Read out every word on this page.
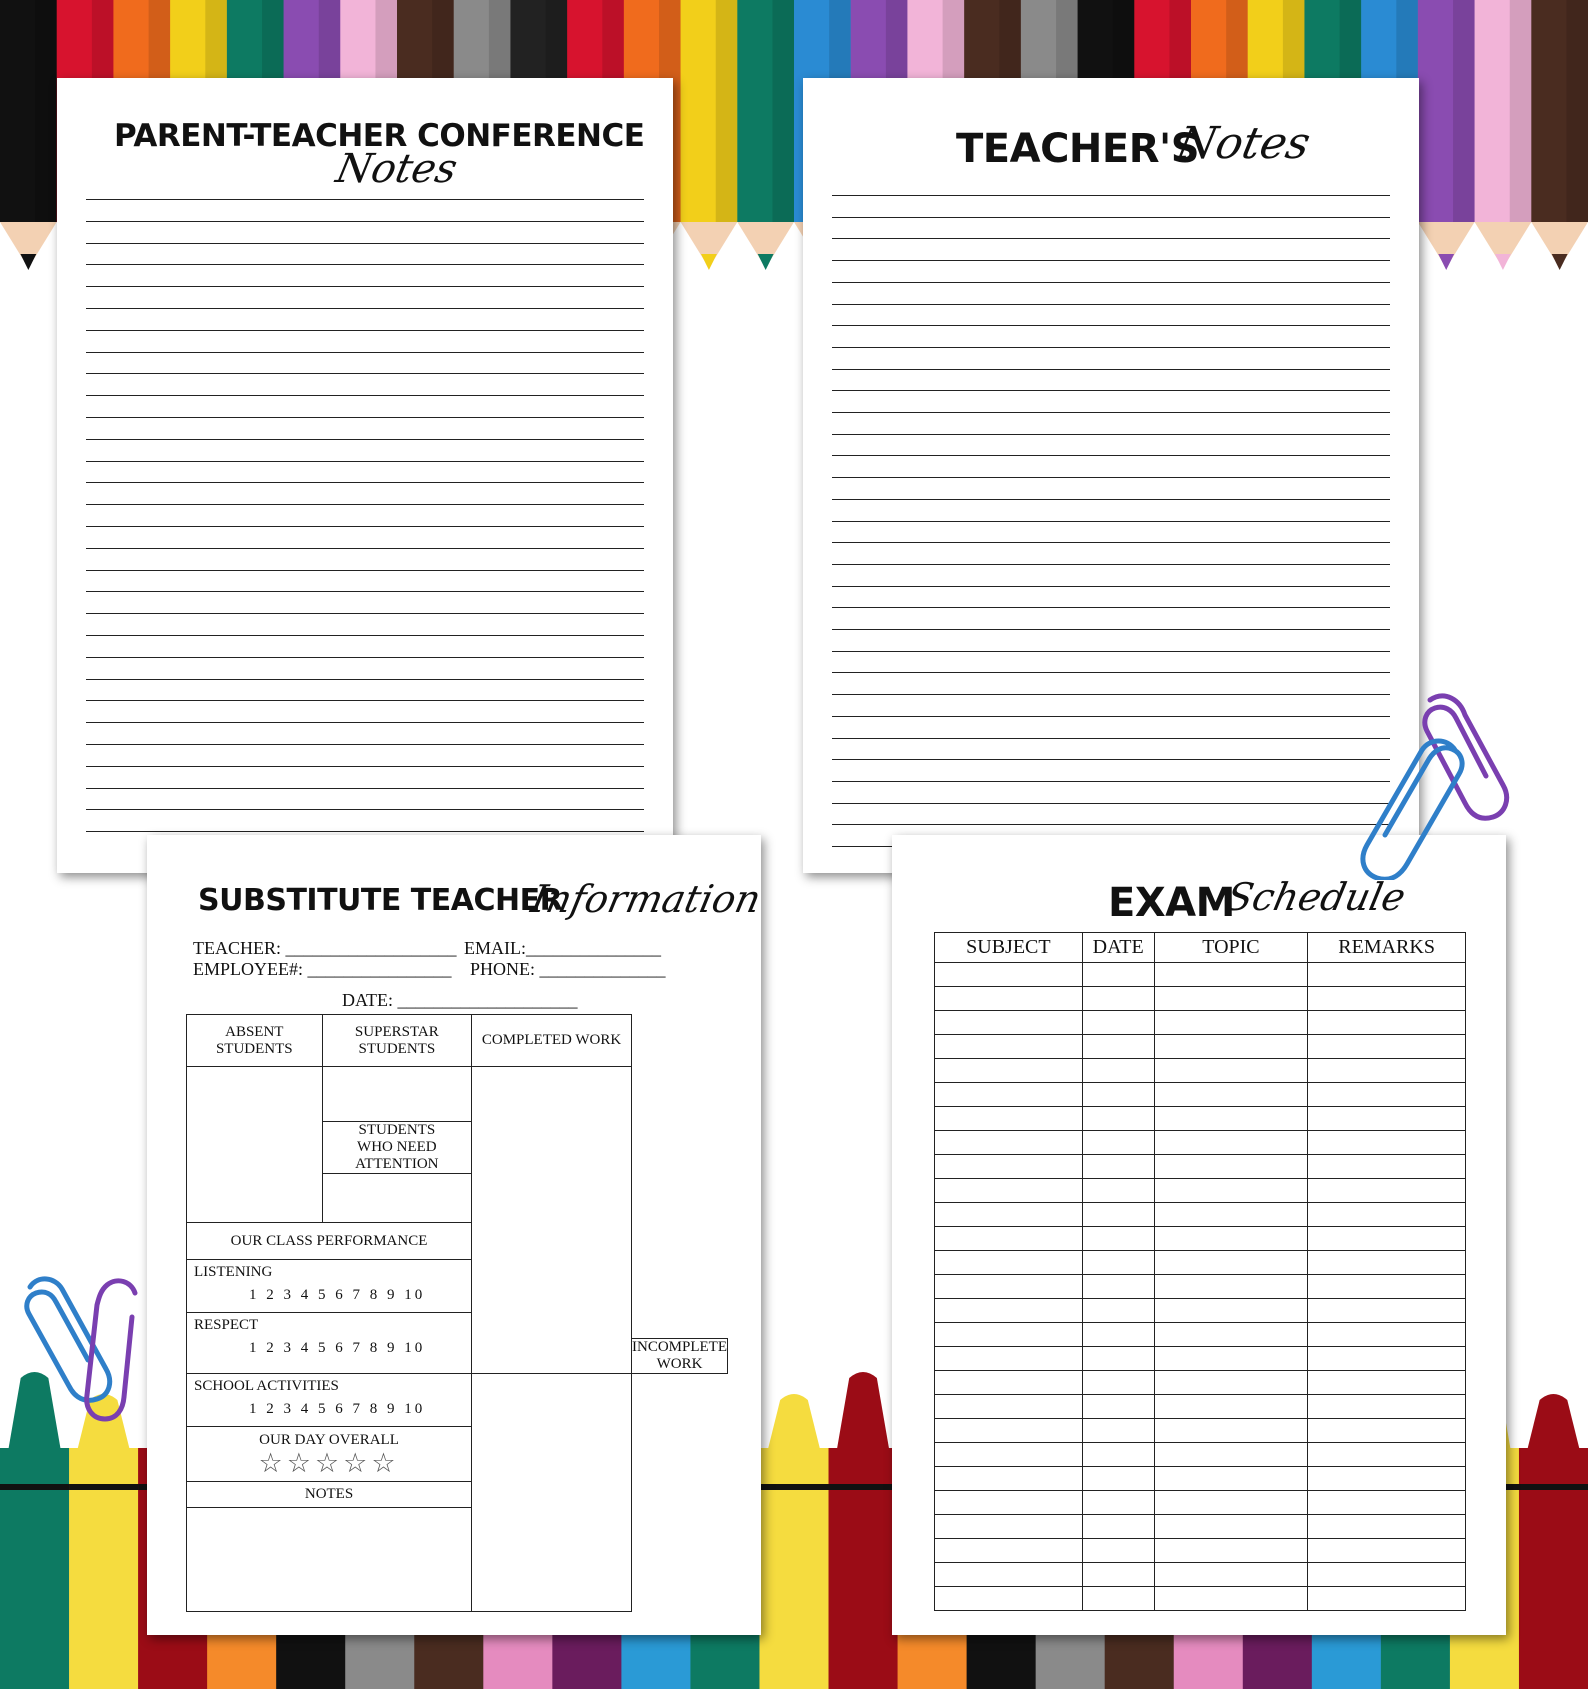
PARENT-TEACHER CONFERENCE
Notes	TEACHER'S
Notes
SUBSTITUTE TEACHER
Information
TEACHER: ___________________ EMAIL:_______________
EMPLOYEE#: ________________ PHONE: ______________
DATE: ____________________
ABSENT STUDENTS	SUPERSTAR STUDENTS	COMPLETED WORK	

	STUDENTS WHO NEED ATTENTION		

OUR CLASS PERFORMANCE			

LISTENING
1 2 3 4 5 6 7 8 9 10			

RESPECT
1 2 3 4 5 6 7 8 9 10			

			INCOMPLETE WORK

SCHOOL ACTIVITIES
1 2 3 4 5 6 7 8 9 10			

OUR DAY OVERALL
☆☆☆☆☆			

NOTES			

EXAM
Schedule
SUBJECT	DATE	TOPIC	REMARKS
